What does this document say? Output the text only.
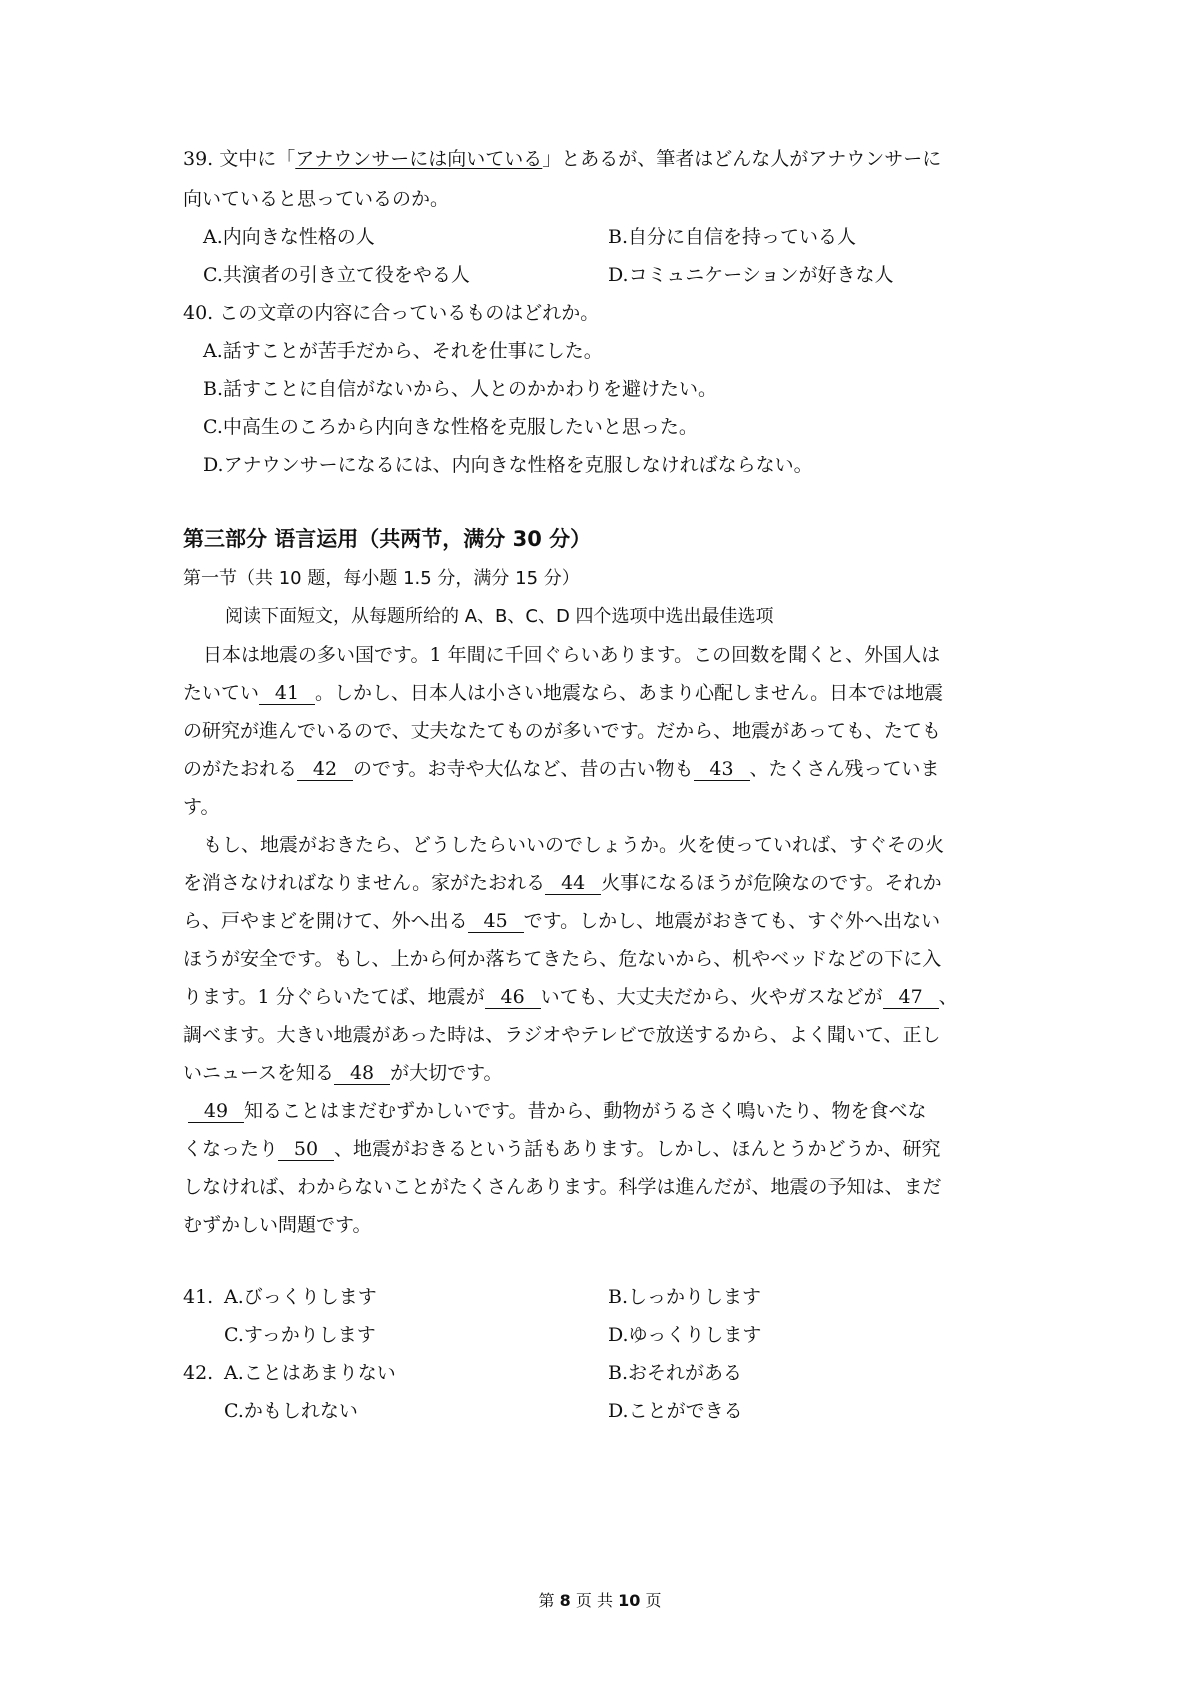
39. 文中に「アナウンサーには向いている」とあるが、筆者はどんな人がアナウンサーに
向いていると思っているのか。
A.内向きな性格の人	B.自分に自信を持っている人
C.共演者の引き立て役をやる人	D.コミュニケーションが好きな人
40. この文章の内容に合っているものはどれか。
A.話すことが苦手だから、それを仕事にした。
B.話すことに自信がないから、人とのかかわりを避けたい。
C.中高生のころから内向きな性格を克服したいと思った。
D.アナウンサーになるには、内向きな性格を克服しなければならない。
第三部分 语言运用（共两节，满分 30 分）
第一节（共 10 题，每小题 1.5 分，满分 15 分）
阅读下面短文，从每题所给的 A、B、C、D 四个选项中选出最佳选项
日本は地震の多い国です。1 年間に千回ぐらいあります。この回数を聞くと、外国人は
たいてい 41 。しかし、日本人は小さい地震なら、あまり心配しません。日本では地震
の研究が進んでいるので、丈夫なたてものが多いです。だから、地震があっても、たても
のがたおれる 42 のです。お寺や大仏など、昔の古い物も 43 、たくさん残っていま
す。
もし、地震がおきたら、どうしたらいいのでしょうか。火を使っていれば、すぐその火
を消さなければなりません。家がたおれる 44 火事になるほうが危険なのです。それか
ら、戸やまどを開けて、外へ出る 45 です。しかし、地震がおきても、すぐ外へ出ない
ほうが安全です。もし、上から何か落ちてきたら、危ないから、机やベッドなどの下に入
ります。1 分ぐらいたてば、地震が 46 いても、大丈夫だから、火やガスなどが 47 、
調べます。大きい地震があった時は、ラジオやテレビで放送するから、よく聞いて、正し
いニュースを知る 48 が大切です。
49 知ることはまだむずかしいです。昔から、動物がうるさく鳴いたり、物を食べな
くなったり 50 、地震がおきるという話もあります。しかし、ほんとうかどうか、研究
しなければ、わからないことがたくさんあります。科学は進んだが、地震の予知は、まだ
むずかしい問題です。
41. A.びっくりします	B.しっかりします
C.すっかりします	D.ゆっくりします
42. A.ことはあまりない	B.おそれがある
C.かもしれない	D.ことができる
第 8 页 共 10 页
